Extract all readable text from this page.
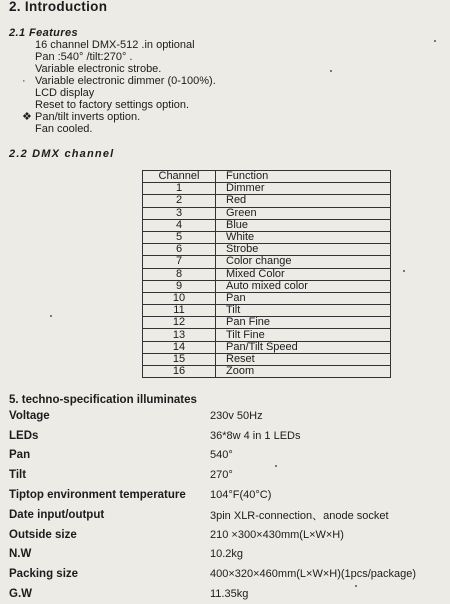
2. Introduction
2.1 Features
16 channel DMX-512 .in optional
Pan :540° /tilt:270° .
Variable electronic strobe.
· Variable electronic dimmer (0-100%).
LCD display
Reset to factory settings option.
❖ Pan/tilt inverts option.
Fan cooled.
2.2 DMX channel
Channel	Function
1	Dimmer
2	Red
3	Green
4	Blue
5	White
6	Strobe
7	Color change
8	Mixed Color
9	Auto mixed color
10	Pan
11	Tilt
12	Pan Fine
13	Tilt Fine
14	Pan/Tilt Speed
15	Reset
16	Zoom
5. techno-specification illuminates
Voltage	230v 50Hz
LEDs	36*8w 4 in 1 LEDs
Pan	540°
Tilt	270°
Tiptop environment temperature	104°F(40°C)
Date input/output	3pin XLR-connection、anode socket
Outside size	210 ×300×430mm(L×W×H)
N.W	10.2kg
Packing size	400×320×460mm(L×W×H)(1pcs/package)
G.W	11.35kg
